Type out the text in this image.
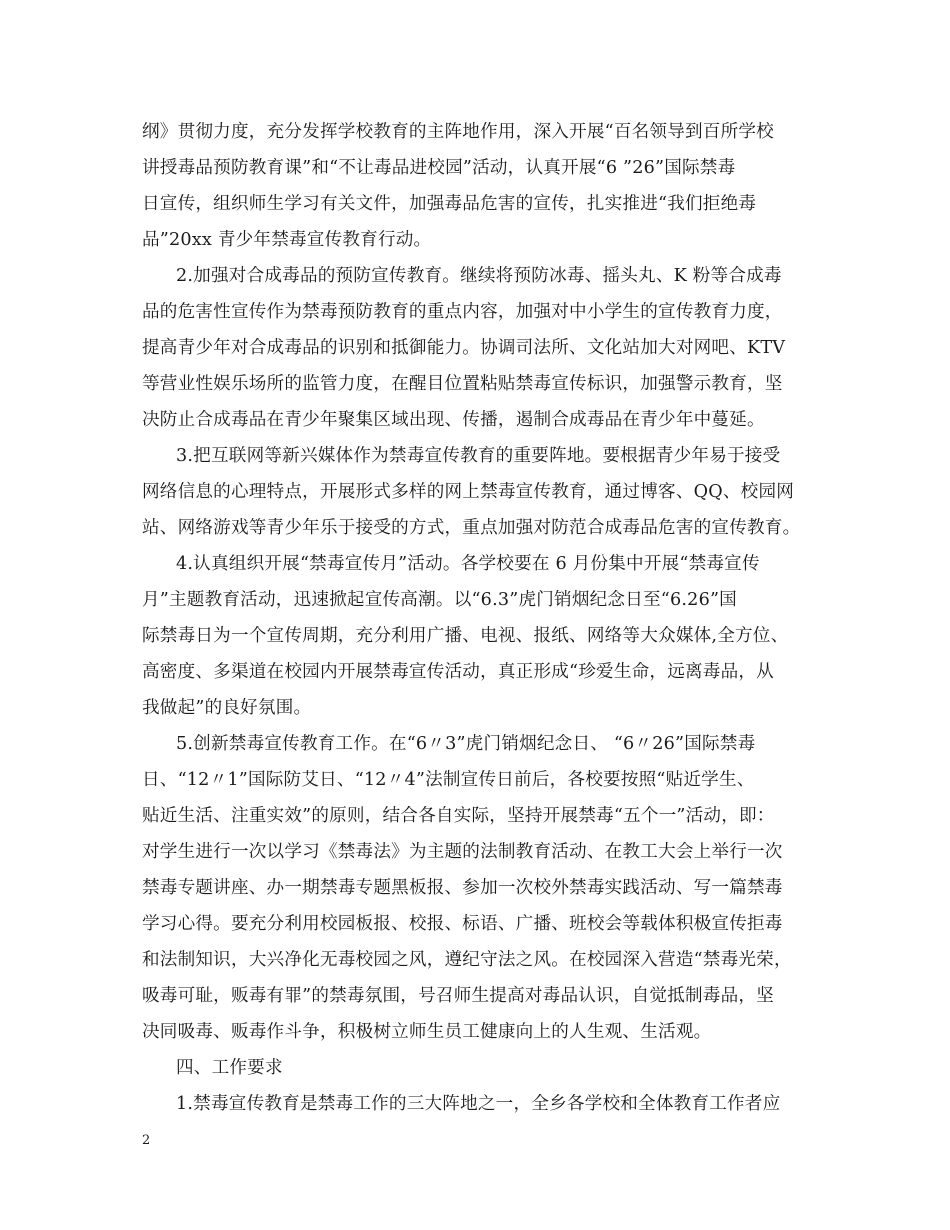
纲》贯彻力度，充分发挥学校教育的主阵地作用，深入开展“百名领导到百所学校
讲授毒品预防教育课”和“不让毒品进校园”活动，认真开展“6 ”26”国际禁毒
日宣传，组织师生学习有关文件，加强毒品危害的宣传，扎实推进“我们拒绝毒
品”20xx 青少年禁毒宣传教育行动。
2.加强对合成毒品的预防宣传教育。继续将预防冰毒、摇头丸、K 粉等合成毒
品的危害性宣传作为禁毒预防教育的重点内容，加强对中小学生的宣传教育力度，
提高青少年对合成毒品的识别和抵御能力。协调司法所、文化站加大对网吧、KTV
等营业性娱乐场所的监管力度，在醒目位置粘贴禁毒宣传标识，加强警示教育，坚
决防止合成毒品在青少年聚集区域出现、传播，遏制合成毒品在青少年中蔓延。
3.把互联网等新兴媒体作为禁毒宣传教育的重要阵地。要根据青少年易于接受
网络信息的心理特点，开展形式多样的网上禁毒宣传教育，通过博客、QQ、校园网
站、网络游戏等青少年乐于接受的方式，重点加强对防范合成毒品危害的宣传教育。
4.认真组织开展“禁毒宣传月”活动。各学校要在 6 月份集中开展“禁毒宣传
月”主题教育活动，迅速掀起宣传高潮。以“6.3”虎门销烟纪念日至“6.26”国
际禁毒日为一个宣传周期，充分利用广播、电视、报纸、网络等大众媒体,全方位、
高密度、多渠道在校园内开展禁毒宣传活动，真正形成“珍爱生命，远离毒品，从
我做起”的良好氛围。
5.创新禁毒宣传教育工作。在“6〃3”虎门销烟纪念日、 “6〃26”国际禁毒
日、“12〃1”国际防艾日、“12〃4”法制宣传日前后，各校要按照“贴近学生、
贴近生活、注重实效”的原则，结合各自实际，坚持开展禁毒“五个一”活动，即：
对学生进行一次以学习《禁毒法》为主题的法制教育活动、在教工大会上举行一次
禁毒专题讲座、办一期禁毒专题黑板报、参加一次校外禁毒实践活动、写一篇禁毒
学习心得。要充分利用校园板报、校报、标语、广播、班校会等载体积极宣传拒毒
和法制知识，大兴净化无毒校园之风，遵纪守法之风。在校园深入营造“禁毒光荣，
吸毒可耻，贩毒有罪”的禁毒氛围，号召师生提高对毒品认识，自觉抵制毒品，坚
决同吸毒、贩毒作斗争，积极树立师生员工健康向上的人生观、生活观。
四、工作要求
1.禁毒宣传教育是禁毒工作的三大阵地之一，全乡各学校和全体教育工作者应
2
